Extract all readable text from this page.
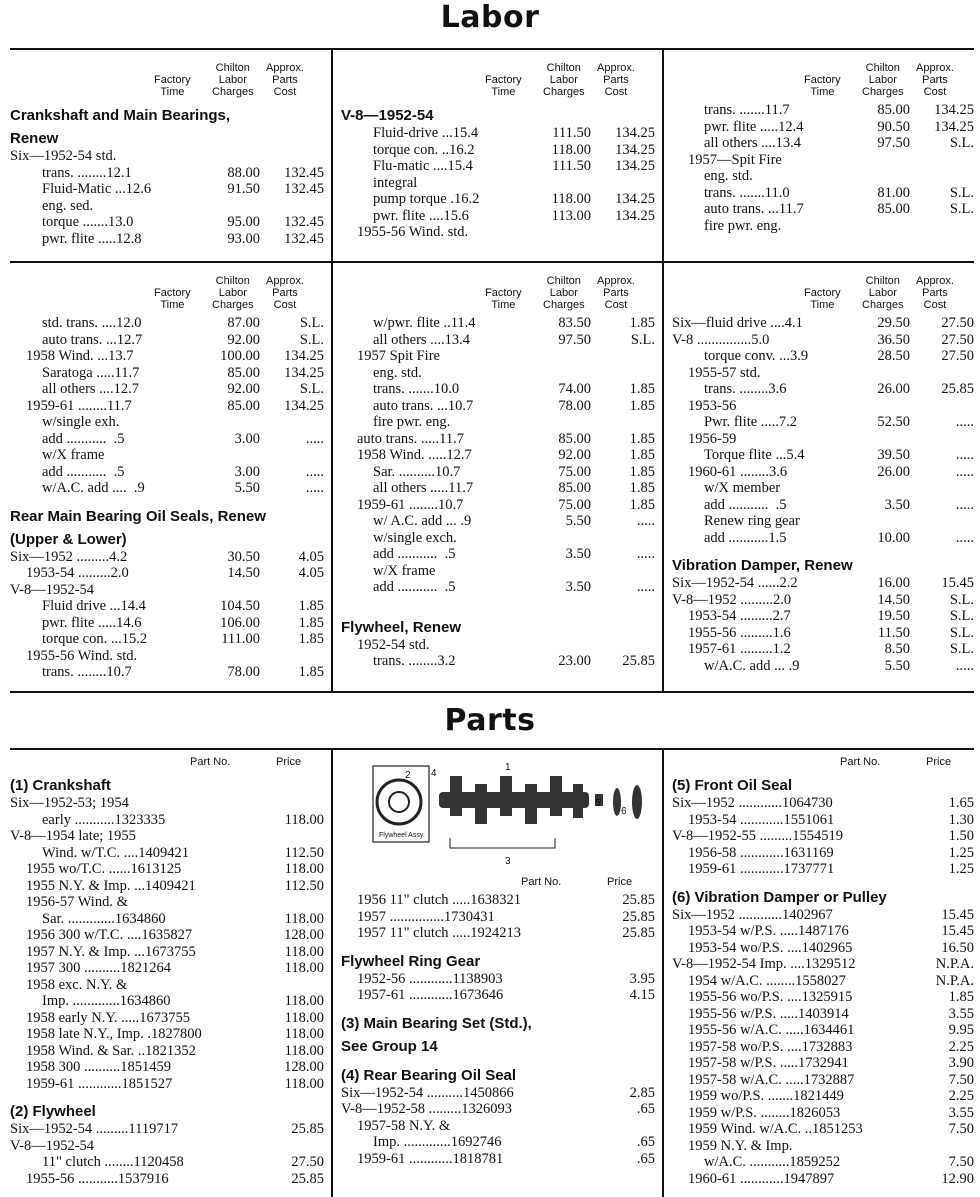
Labor
Factory
Time
Chilton
Labor
Charges
Approx.
Parts
Cost
Crankshaft and Main Bearings,
Renew
Six—1952-54 std.
trans. ........12.1	88.00	132.45
Fluid-Matic ...12.6	91.50	132.45
eng. sed.
torque .......13.0	95.00	132.45
pwr. flite .....12.8	93.00	132.45
Factory
Time
Chilton
Labor
Charges
Approx.
Parts
Cost
V-8—1952-54
Fluid-drive ...15.4	111.50	134.25
torque con. ..16.2	118.00	134.25
Flu-matic ....15.4	111.50	134.25
integral
pump torque .16.2	118.00	134.25
pwr. flite ....15.6	113.00	134.25
1955-56 Wind. std.
Factory
Time
Chilton
Labor
Charges
Approx.
Parts
Cost
trans. .......11.7	85.00	134.25
pwr. flite .....12.4	90.50	134.25
all others ....13.4	97.50	S.L.
1957—Spit Fire
eng. std.
trans. .......11.0	81.00	S.L.
auto trans. ...11.7	85.00	S.L.
fire pwr. eng.
Factory
Time
Chilton
Labor
Charges
Approx.
Parts
Cost
std. trans. ....12.0	87.00	S.L.
auto trans. ...12.7	92.00	S.L.
1958 Wind. ...13.7	100.00	134.25
Saratoga .....11.7	85.00	134.25
all others ....12.7	92.00	S.L.
1959-61 ........11.7	85.00	134.25
w/single exh.
add ...........  .5	3.00	.....
w/X frame
add ...........  .5	3.00	.....
w/A.C. add ....  .9	5.50	.....
Rear Main Bearing Oil Seals, Renew
(Upper & Lower)
Six—1952 .........4.2	30.50	4.05
1953-54 .........2.0	14.50	4.05
V-8—1952-54
Fluid drive ...14.4	104.50	1.85
pwr. flite .....14.6	106.00	1.85
torque con. ...15.2	111.00	1.85
1955-56 Wind. std.
trans. ........10.7	78.00	1.85
Factory
Time
Chilton
Labor
Charges
Approx.
Parts
Cost
w/pwr. flite ..11.4	83.50	1.85
all others ....13.4	97.50	S.L.
1957 Spit Fire
eng. std.
trans. .......10.0	74.00	1.85
auto trans. ...10.7	78.00	1.85
fire pwr. eng.
auto trans. .....11.7	85.00	1.85
1958 Wind. .....12.7	92.00	1.85
Sar. ..........10.7	75.00	1.85
all others .....11.7	85.00	1.85
1959-61 ........10.7	75.00	1.85
w/ A.C. add ... .9	5.50	.....
w/single exch.
add ...........  .5	3.50	.....
w/X frame
add ...........  .5	3.50	.....
Flywheel, Renew
1952-54 std.
trans. ........3.2	23.00	25.85
Factory
Time
Chilton
Labor
Charges
Approx.
Parts
Cost
Six—fluid drive ....4.1	29.50	27.50
V-8 ...............5.0	36.50	27.50
torque conv. ...3.9	28.50	27.50
1955-57 std.
trans. ........3.6	26.00	25.85
1953-56
Pwr. flite .....7.2	52.50	.....
1956-59
Torque flite ...5.4	39.50	.....
1960-61 ........3.6	26.00	.....
w/X member
add ...........  .5	3.50	.....
Renew ring gear
add ...........1.5	10.00	.....
Vibration Damper, Renew
Six—1952-54 ......2.2	16.00	15.45
V-8—1952 .........2.0	14.50	S.L.
1953-54 .........2.7	19.50	S.L.
1955-56 .........1.6	11.50	S.L.
1957-61 .........1.2	8.50	S.L.
w/A.C. add ... .9	5.50	.....
Parts
Part No.	Price
(1) Crankshaft
Six—1952-53; 1954
early ...........1323335	118.00
V-8—1954 late; 1955
Wind. w/T.C. ....1409421	112.50
1955 wo/T.C. ......1613125	118.00
1955 N.Y. & Imp. ...1409421	112.50
1956-57 Wind. &
Sar. .............1634860	118.00
1956 300 w/T.C. ....1635827	128.00
1957 N.Y. & Imp. ...1673755	118.00
1957 300 ..........1821264	118.00
1958 exc. N.Y. &
Imp. .............1634860	118.00
1958 early N.Y. .....1673755	118.00
1958 late N.Y., Imp. .1827800	118.00
1958 Wind. & Sar. ..1821352	118.00
1958 300 ..........1851459	128.00
1959-61 ............1851527	118.00
(2) Flywheel
Six—1952-54 .........1119717	25.85
V-8—1952-54
11" clutch ........1120458	27.50
1955-56 ...........1537916	25.85
2 4
1
5
6
3
Flywheel Assy.
Part No.	Price
1956 11" clutch .....1638321	25.85
1957 ...............1730431	25.85
1957 11" clutch .....1924213	25.85
Flywheel Ring Gear
1952-56 ............1138903	3.95
1957-61 ............1673646	4.15
(3) Main Bearing Set (Std.),
See Group 14
(4) Rear Bearing Oil Seal
Six—1952-54 ..........1450866	2.85
V-8—1952-58 .........1326093	.65
1957-58 N.Y. &
Imp. .............1692746	.65
1959-61 ............1818781	.65
Part No.	Price
(5) Front Oil Seal
Six—1952 ............1064730	1.65
1953-54 ............1551061	1.30
V-8—1952-55 .........1554519	1.50
1956-58 ............1631169	1.25
1959-61 ............1737771	1.25
(6) Vibration Damper or Pulley
Six—1952 ............1402967	15.45
1953-54 w/P.S. .....1487176	15.45
1953-54 wo/P.S. ....1402965	16.50
V-8—1952-54 Imp. ....1329512	N.P.A.
1954 w/A.C. ........1558027	N.P.A.
1955-56 wo/P.S. ....1325915	1.85
1955-56 w/P.S. .....1403914	3.55
1955-56 w/A.C. .....1634461	9.95
1957-58 wo/P.S. ....1732883	2.25
1957-58 w/P.S. .....1732941	3.90
1957-58 w/A.C. .....1732887	7.50
1959 wo/P.S. .......1821449	2.25
1959 w/P.S. ........1826053	3.55
1959 Wind. w/A.C. ..1851253	7.50
1959 N.Y. & Imp.
w/A.C. ...........1859252	7.50
1960-61 ............1947897	12.90
